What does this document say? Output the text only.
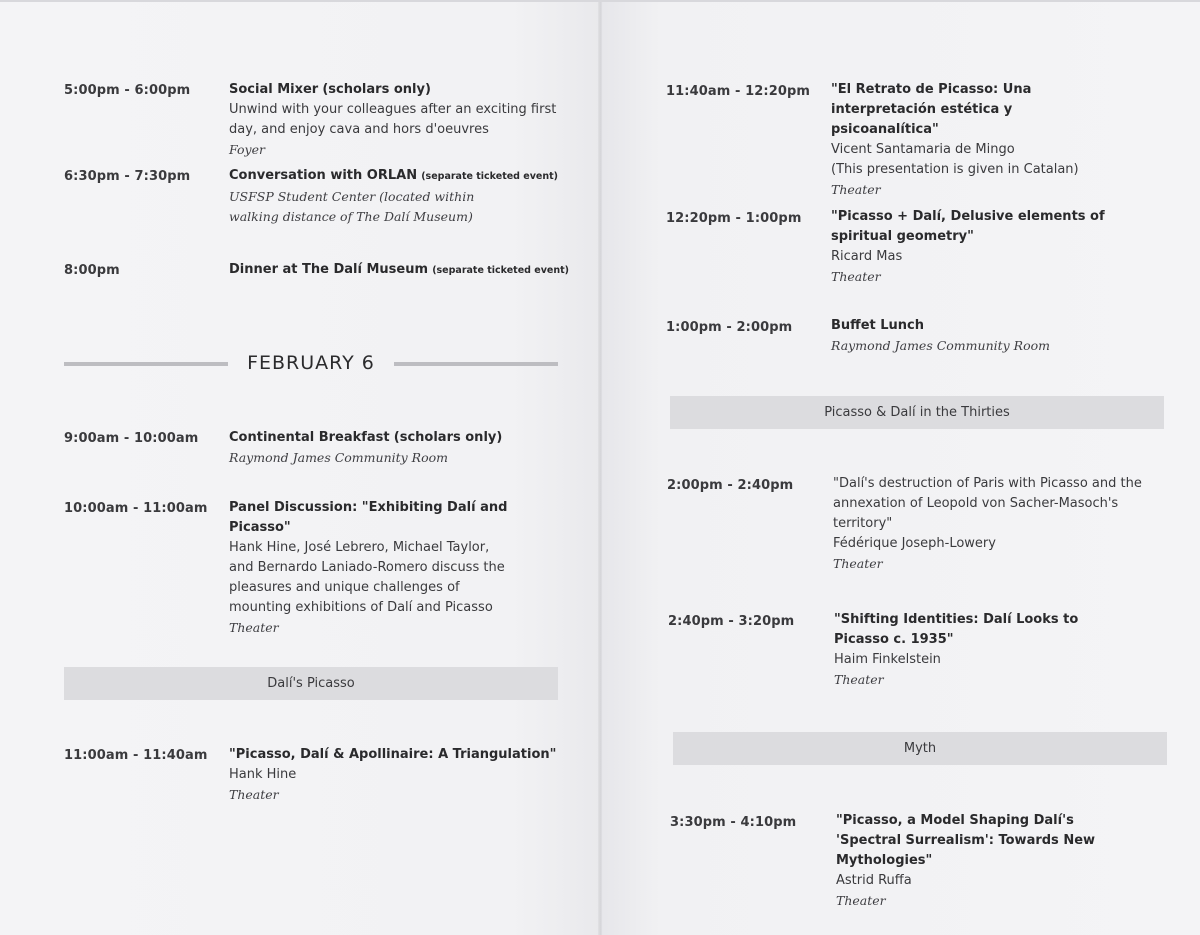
5:00pm - 6:00pm	Social Mixer (scholars only)
Unwind with your colleagues after an exciting first day, and enjoy cava and hors d'oeuvres
Foyer
6:30pm - 7:30pm	Conversation with ORLAN (separate ticketed event)
USFSP Student Center (located within walking distance of The Dalí Museum)
8:00pm	Dinner at The Dalí Museum (separate ticketed event)
FEBRUARY 6
9:00am - 10:00am Continental Breakfast (scholars only)
Raymond James Community Room
10:00am - 11:00am Panel Discussion: "Exhibiting Dalí and Picasso"
Hank Hine, José Lebrero, Michael Taylor, and Bernardo Laniado-Romero discuss the pleasures and unique challenges of mounting exhibitions of Dalí and Picasso
Theater
Dalí's Picasso
11:00am - 11:40am "Picasso, Dalí & Apollinaire: A Triangulation"
Hank Hine
Theater
11:40am - 12:20pm "El Retrato de Picasso: Una interpretación estética y psicoanalítica"
Vicent Santamaria de Mingo
(This presentation is given in Catalan)
Theater
12:20pm - 1:00pm "Picasso + Dalí, Delusive elements of spiritual geometry"
Ricard Mas
Theater
1:00pm - 2:00pm	Buffet Lunch
Raymond James Community Room
Picasso & Dalí in the Thirties
2:00pm - 2:40pm	"Dalí's destruction of Paris with Picasso and the annexation of Leopold von Sacher-Masoch's territory"
Fédérique Joseph-Lowery
Theater
2:40pm - 3:20pm	"Shifting Identities: Dalí Looks to Picasso c. 1935"
Haim Finkelstein
Theater
Myth
3:30pm - 4:10pm	"Picasso, a Model Shaping Dalí's 'Spectral Surrealism': Towards New Mythologies"
Astrid Ruffa
Theater
